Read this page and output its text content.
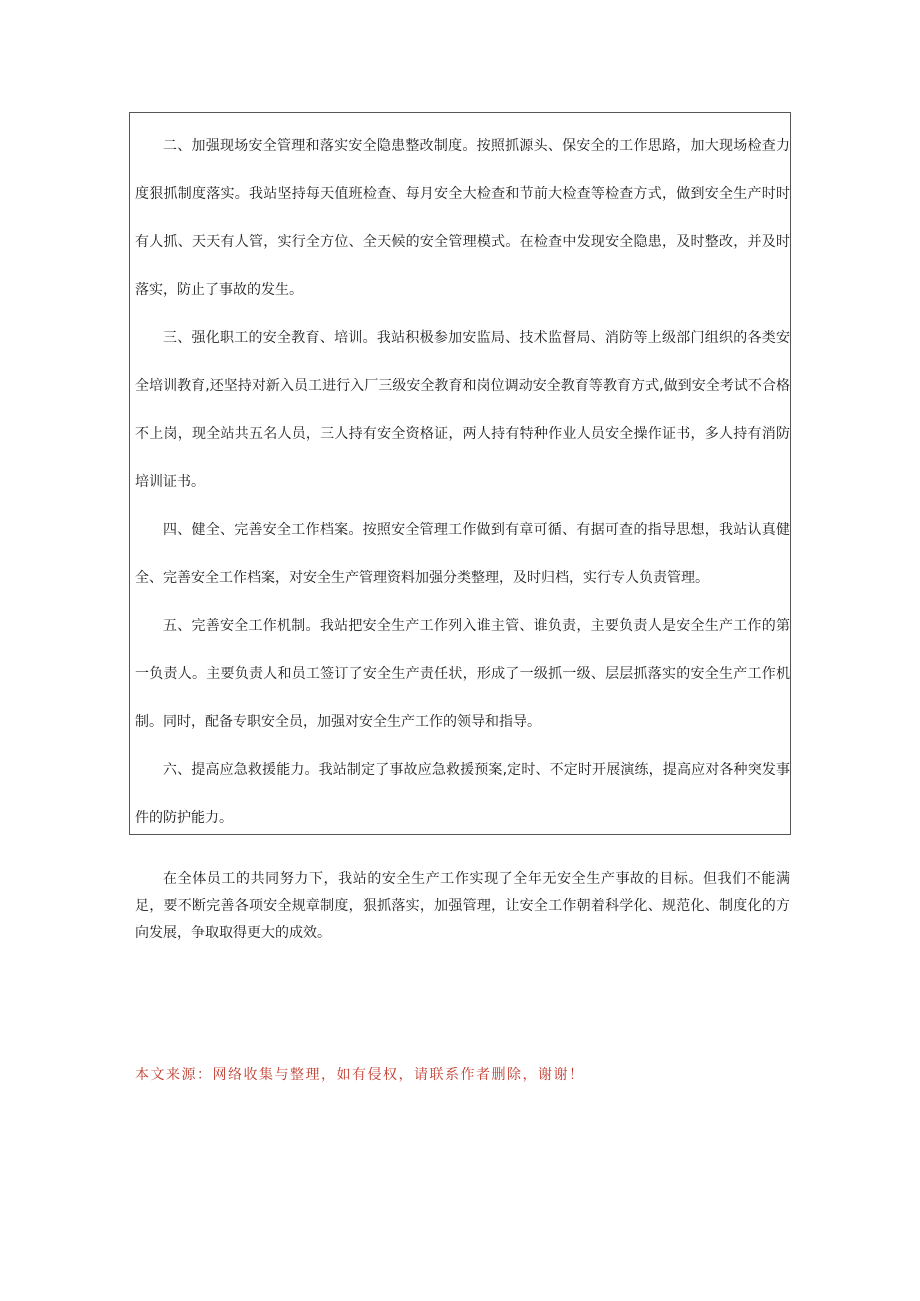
二、加强现场安全管理和落实安全隐患整改制度。按照抓源头、保安全的工作思路，加大现场检查力度狠抓制度落实。我站坚持每天值班检查、每月安全大检查和节前大检查等检查方式，做到安全生产时时有人抓、天天有人管，实行全方位、全天候的安全管理模式。在检查中发现安全隐患，及时整改，并及时落实，防止了事故的发生。

三、强化职工的安全教育、培训。我站积极参加安监局、技术监督局、消防等上级部门组织的各类安全培训教育,还坚持对新入员工进行入厂三级安全教育和岗位调动安全教育等教育方式,做到安全考试不合格不上岗，现全站共五名人员，三人持有安全资格证，两人持有特种作业人员安全操作证书，多人持有消防培训证书。

四、健全、完善安全工作档案。按照安全管理工作做到有章可循、有据可查的指导思想，我站认真健全、完善安全工作档案，对安全生产管理资料加强分类整理，及时归档，实行专人负责管理。

五、完善安全工作机制。我站把安全生产工作列入谁主管、谁负责，主要负责人是安全生产工作的第一负责人。主要负责人和员工签订了安全生产责任状，形成了一级抓一级、层层抓落实的安全生产工作机制。同时，配备专职安全员，加强对安全生产工作的领导和指导。

六、提高应急救援能力。我站制定了事故应急救援预案,定时、不定时开展演练，提高应对各种突发事件的防护能力。

在全体员工的共同努力下，我站的安全生产工作实现了全年无安全生产事故的目标。但我们不能满足，要不断完善各项安全规章制度，狠抓落实，加强管理，让安全工作朝着科学化、规范化、制度化的方向发展，争取取得更大的成效。

本文来源：网络收集与整理，如有侵权，请联系作者删除，谢谢！
